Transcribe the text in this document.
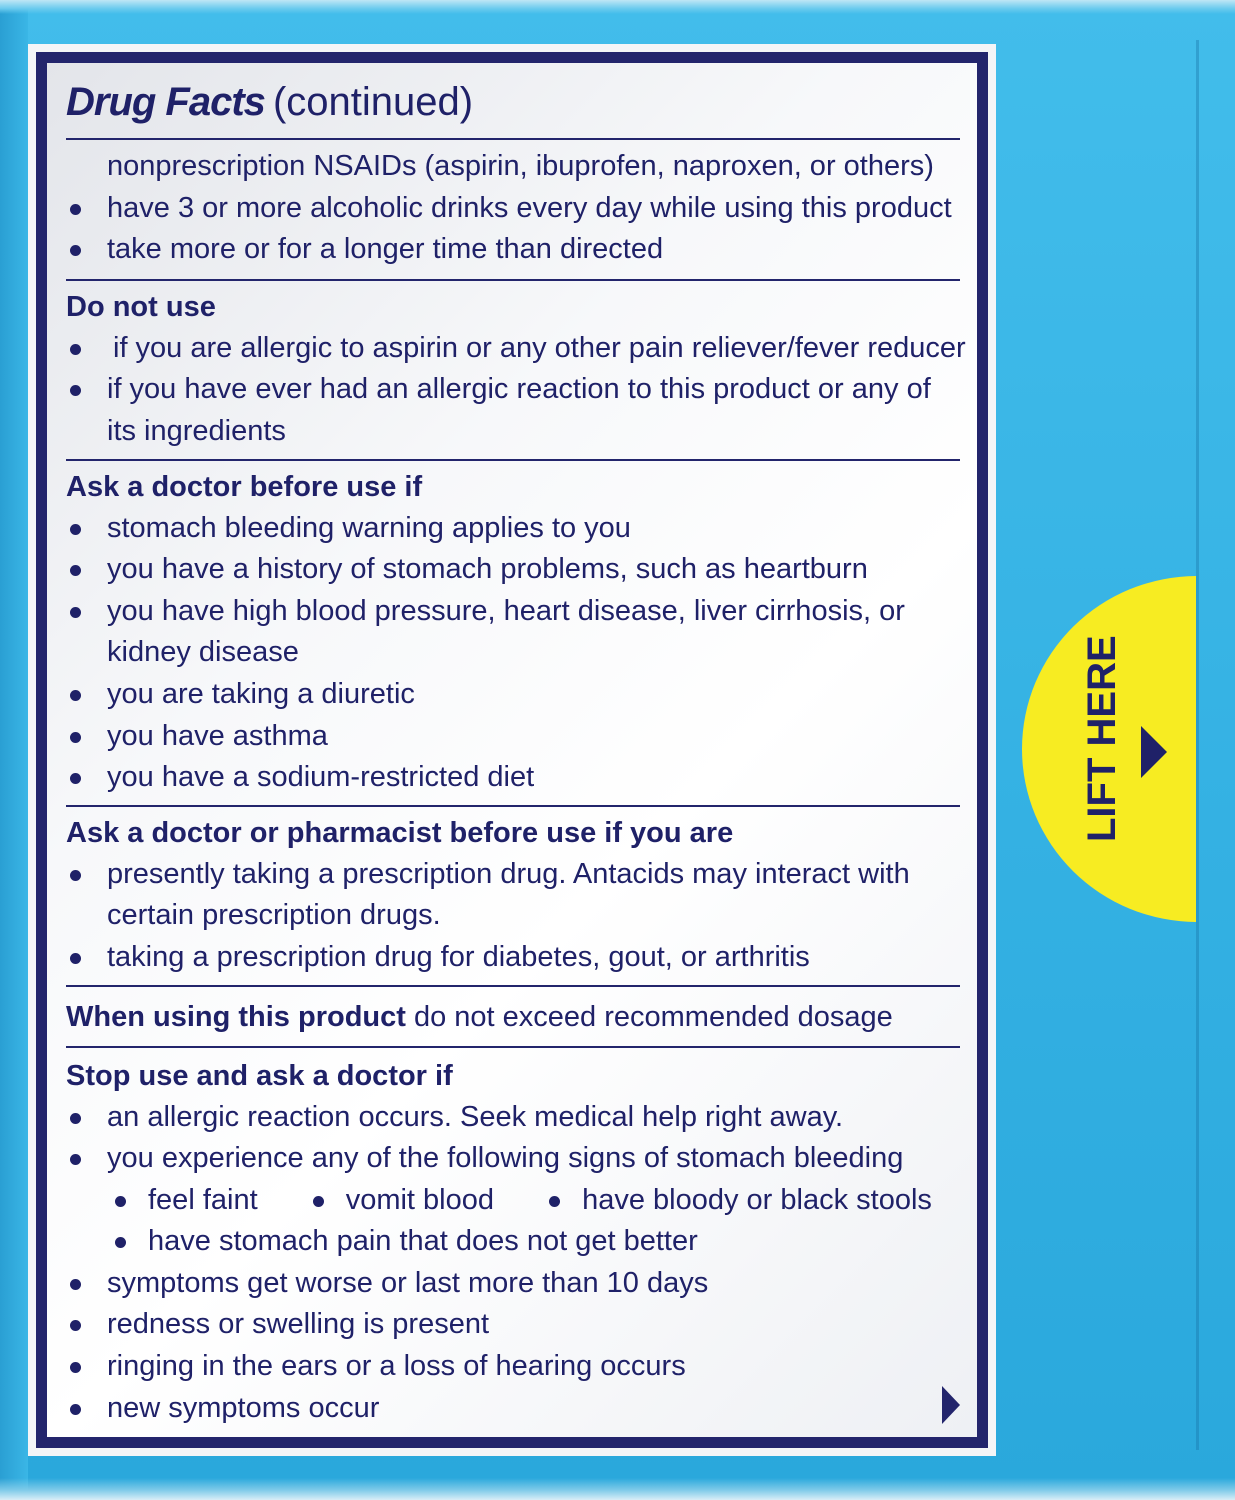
LIFT HERE
Drug Facts (continued)
nonprescription NSAIDs (aspirin, ibuprofen, naproxen, or others)
have 3 or more alcoholic drinks every day while using this product
take more or for a longer time than directed
Do not use
if you are allergic to aspirin or any other pain reliever/fever reducer
if you have ever had an allergic reaction to this product or any of
its ingredients
Ask a doctor before use if
stomach bleeding warning applies to you
you have a history of stomach problems, such as heartburn
you have high blood pressure, heart disease, liver cirrhosis, or
kidney disease
you are taking a diuretic
you have asthma
you have a sodium-restricted diet
Ask a doctor or pharmacist before use if you are
presently taking a prescription drug. Antacids may interact with
certain prescription drugs.
taking a prescription drug for diabetes, gout, or arthritis
When using this product do not exceed recommended dosage
Stop use and ask a doctor if
an allergic reaction occurs. Seek medical help right away.
you experience any of the following signs of stomach bleeding
feel faint	vomit blood	have bloody or black stools
have stomach pain that does not get better
symptoms get worse or last more than 10 days
redness or swelling is present
ringing in the ears or a loss of hearing occurs
new symptoms occur
